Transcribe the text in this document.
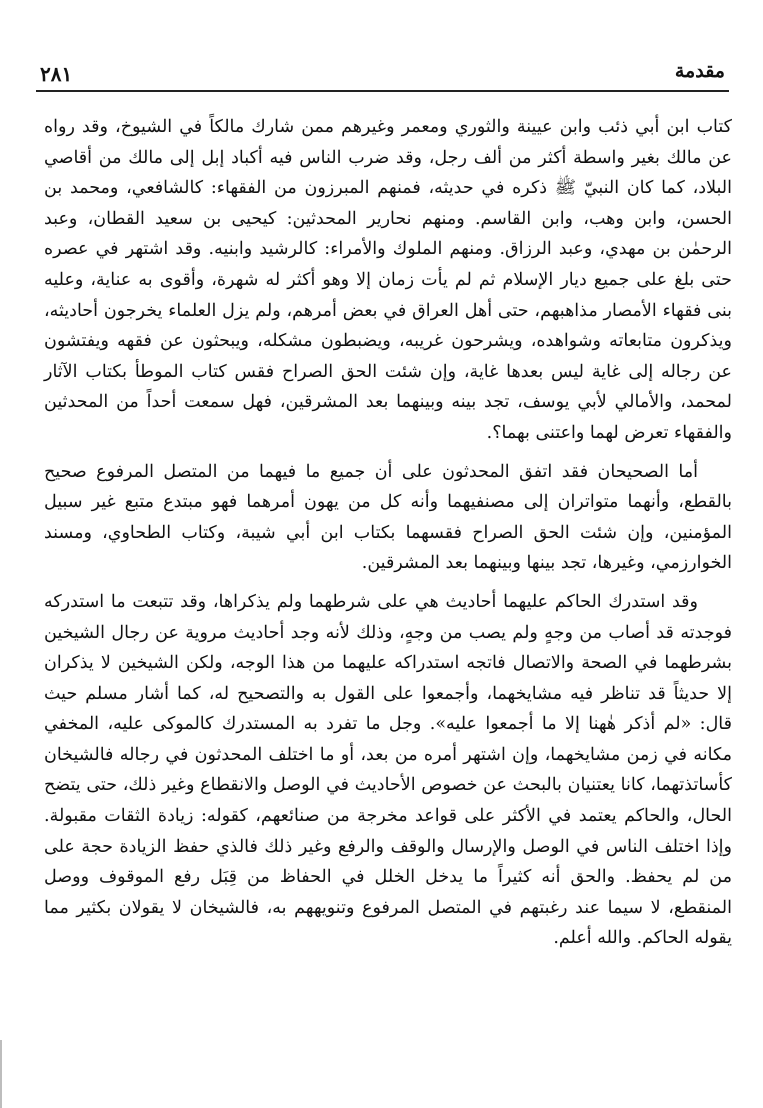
مقدمة
٢٨١

كتاب ابن أبي ذئب وابن عيينة والثوري ومعمر وغيرهم ممن شارك مالكاً في الشيوخ، وقد رواه عن مالك بغير واسطة أكثر من ألف رجل، وقد ضرب الناس فيه أكباد إبل إلى مالك من أقاصي البلاد، كما كان النبيّ ﷺ ذكره في حديثه، فمنهم المبرزون من الفقهاء: كالشافعي، ومحمد بن الحسن، وابن وهب، وابن القاسم. ومنهم نحارير المحدثين: كيحيى بن سعيد القطان، وعبد الرحمٰن بن مهدي، وعبد الرزاق. ومنهم الملوك والأمراء: كالرشيد وابنيه. وقد اشتهر في عصره حتى بلغ على جميع ديار الإسلام ثم لم يأت زمان إلا وهو أكثر له شهرة، وأقوى به عناية، وعليه بنى فقهاء الأمصار مذاهبهم، حتى أهل العراق في بعض أمرهم، ولم يزل العلماء يخرجون أحاديثه، ويذكرون متابعاته وشواهده، ويشرحون غريبه، ويضبطون مشكله، ويبحثون عن فقهه ويفتشون عن رجاله إلى غاية ليس بعدها غاية، وإن شئت الحق الصراح فقس كتاب الموطأ بكتاب الآثار لمحمد، والأمالي لأبي يوسف، تجد بينه وبينهما بعد المشرقين، فهل سمعت أحداً من المحدثين والفقهاء تعرض لهما واعتنى بهما؟.

أما الصحيحان فقد اتفق المحدثون على أن جميع ما فيهما من المتصل المرفوع صحيح بالقطع، وأنهما متواتران إلى مصنفيهما وأنه كل من يهون أمرهما فهو مبتدع متبع غير سبيل المؤمنين، وإن شئت الحق الصراح فقسهما بكتاب ابن أبي شيبة، وكتاب الطحاوي، ومسند الخوارزمي، وغيرها، تجد بينها وبينهما بعد المشرقين.

وقد استدرك الحاكم عليهما أحاديث هي على شرطهما ولم يذكراها، وقد تتبعت ما استدركه فوجدته قد أصاب من وجهٍ ولم يصب من وجهٍ، وذلك لأنه وجد أحاديث مروية عن رجال الشيخين بشرطهما في الصحة والاتصال فاتجه استدراكه عليهما من هذا الوجه، ولكن الشيخين لا يذكران إلا حديثاً قد تناظر فيه مشايخهما، وأجمعوا على القول به والتصحيح له، كما أشار مسلم حيث قال: «لم أذكر هٰهنا إلا ما أجمعوا عليه». وجل ما تفرد به المستدرك كالموكى عليه، المخفي مكانه في زمن مشايخهما، وإن اشتهر أمره من بعد، أو ما اختلف المحدثون في رجاله فالشيخان كأساتذتهما، كانا يعتنيان بالبحث عن خصوص الأحاديث في الوصل والانقطاع وغير ذلك، حتى يتضح الحال، والحاكم يعتمد في الأكثر على قواعد مخرجة من صنائعهم، كقوله: زيادة الثقات مقبولة. وإذا اختلف الناس في الوصل والإرسال والوقف والرفع وغير ذلك فالذي حفظ الزيادة حجة على من لم يحفظ. والحق أنه كثيراً ما يدخل الخلل في الحفاظ من قِبَل رفع الموقوف ووصل المنقطع، لا سيما عند رغبتهم في المتصل المرفوع وتنويههم به، فالشيخان لا يقولان بكثير مما يقوله الحاكم. والله أعلم.
